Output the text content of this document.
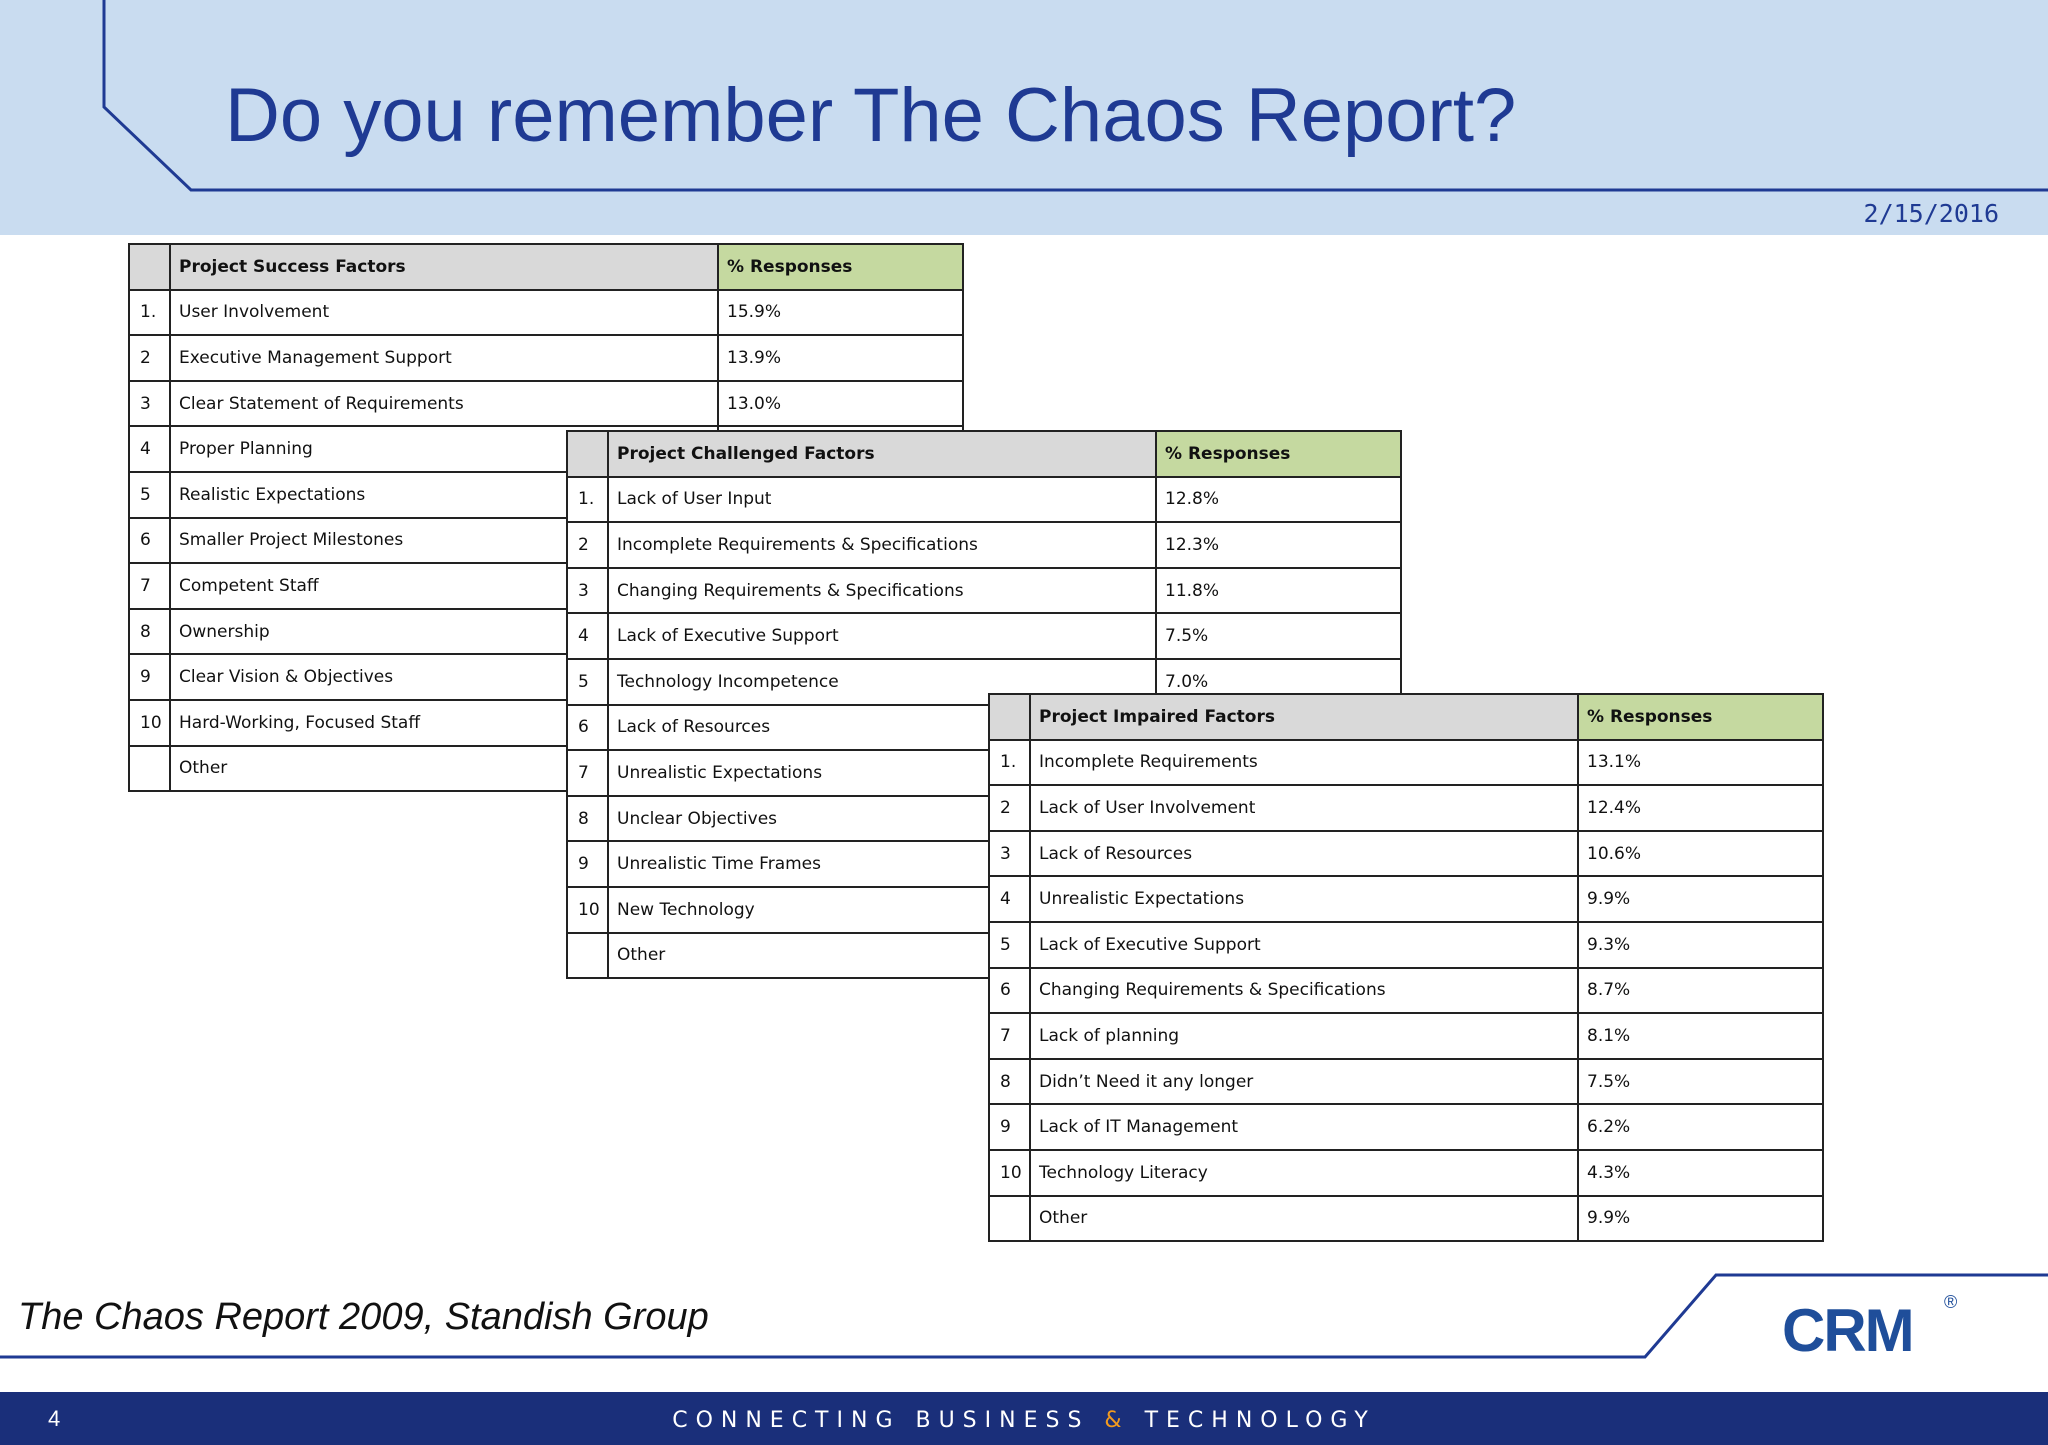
Do you remember The Chaos Report?
2/15/2016
	Project Success Factors	% Responses
1.	User Involvement	15.9%
2	Executive Management Support	13.9%
3	Clear Statement of Requirements	13.0%
4	Proper Planning	
5	Realistic Expectations	
6	Smaller Project Milestones	
7	Competent Staff	
8	Ownership	
9	Clear Vision & Objectives	
10	Hard-Working, Focused Staff	
	Other	
	Project Challenged Factors	% Responses
1.	Lack of User Input	12.8%
2	Incomplete Requirements & Specifications	12.3%
3	Changing Requirements & Specifications	11.8%
4	Lack of Executive Support	7.5%
5	Technology Incompetence	7.0%
6	Lack of Resources	
7	Unrealistic Expectations	
8	Unclear Objectives	
9	Unrealistic Time Frames	
10	New Technology	
	Other	
	Project Impaired Factors	% Responses
1.	Incomplete Requirements	13.1%
2	Lack of User Involvement	12.4%
3	Lack of Resources	10.6%
4	Unrealistic Expectations	9.9%
5	Lack of Executive Support	9.3%
6	Changing Requirements & Specifications	8.7%
7	Lack of planning	8.1%
8	Didn’t Need it any longer	7.5%
9	Lack of IT Management	6.2%
10	Technology Literacy	4.3%
	Other	9.9%
The Chaos Report 2009, Standish Group	CRM ®
4	CONNECTING BUSINESS & TECHNOLOGY
